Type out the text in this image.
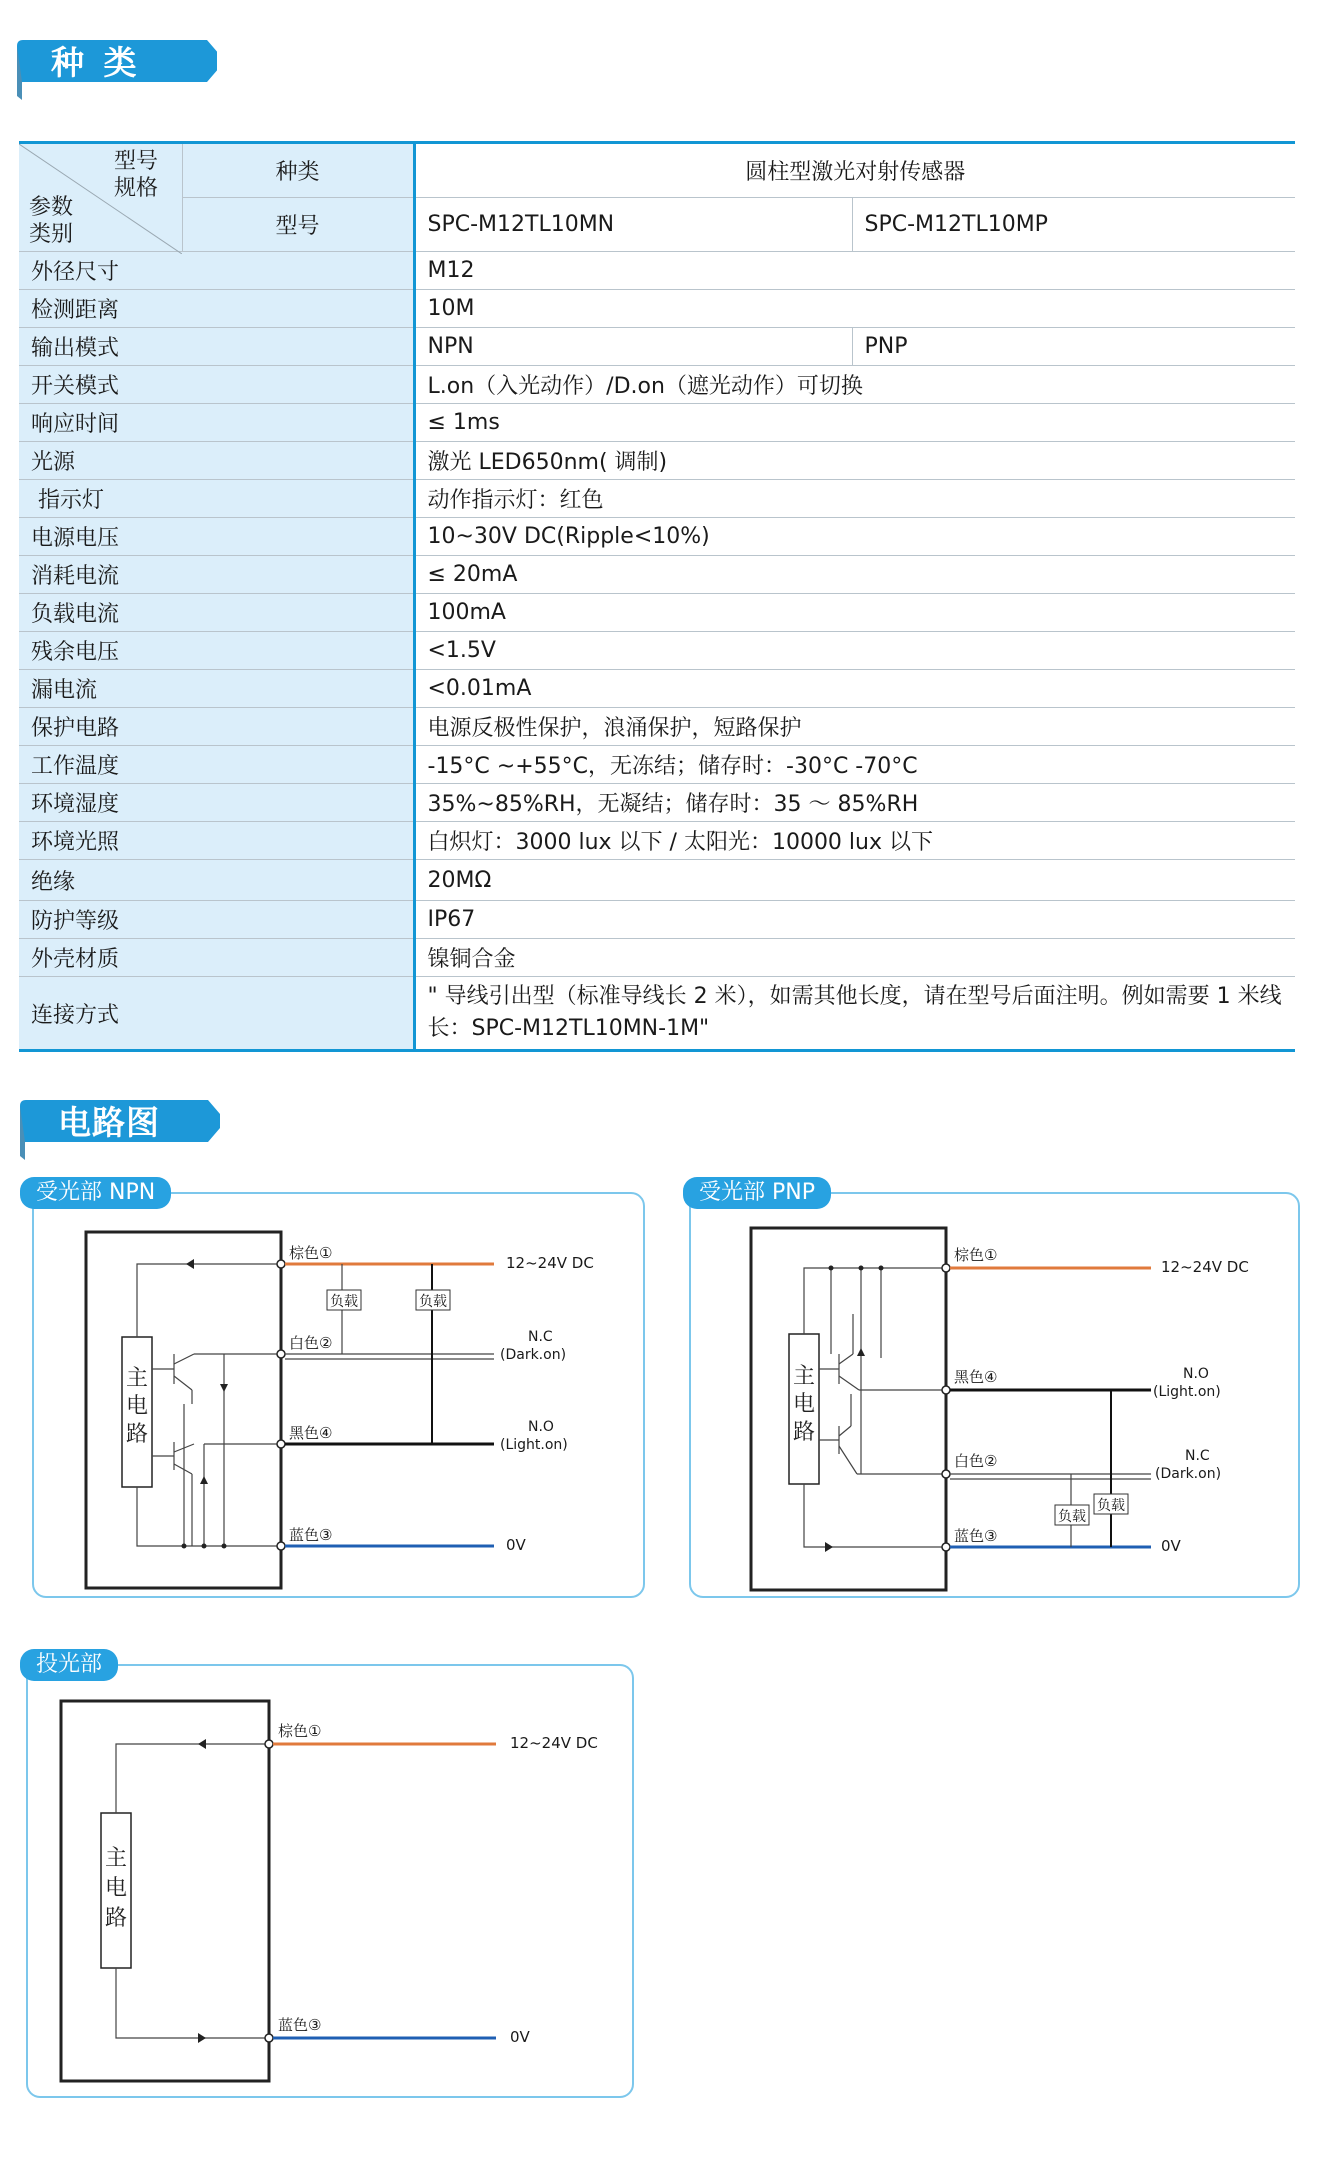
种 类
型号
规格
参数
类别	种类	圆柱型激光对射传感器	
	型号	SPC-M12TL10MN	SPC-M12TL10MP
外径尺寸		M12	
检测距离		10M	
输出模式		NPN	PNP
开关模式		L.on（入光动作）/D.on（遮光动作）可切换	
响应时间		≤ 1ms	
光源		激光 LED650nm( 调制)	
指示灯		动作指示灯：红色	
电源电压		10~30V DC(Ripple<10%)	
消耗电流		≤ 20mA	
负载电流		100mA	
残余电压		<1.5V	
漏电流		<0.01mA	
保护电路		电源反极性保护，浪涌保护，短路保护	
工作温度		-15°C ~+55°C，无冻结；储存时：-30°C -70°C	
环境湿度		35%~85%RH，无凝结；储存时：35 ～ 85%RH	
环境光照		白炽灯：3000 lux 以下 / 太阳光：10000 lux 以下	
绝缘		20MΩ	
防护等级		IP67	
外壳材质		镍铜合金	
连接方式		" 导线引出型（标准导线长 2 米），如需其他长度，请在型号后面注明。例如需要 1 米线长：SPC-M12TL10MN-1M"	
电路图
主
电
路
受光部 NPN
棕色①
白色②
黑色④
蓝色③
12~24V DC
0V
负载	负载
N.C
(Dark.on)
N.O
(Light.on)
主
电
路
受光部 PNP
棕色①
黑色④
白色②
蓝色③
12~24V DC
0V
负载
负载
N.O
(Light.on)
N.C
(Dark.on)
主
电
路
投光部
棕色①
蓝色③
12~24V DC
0V
